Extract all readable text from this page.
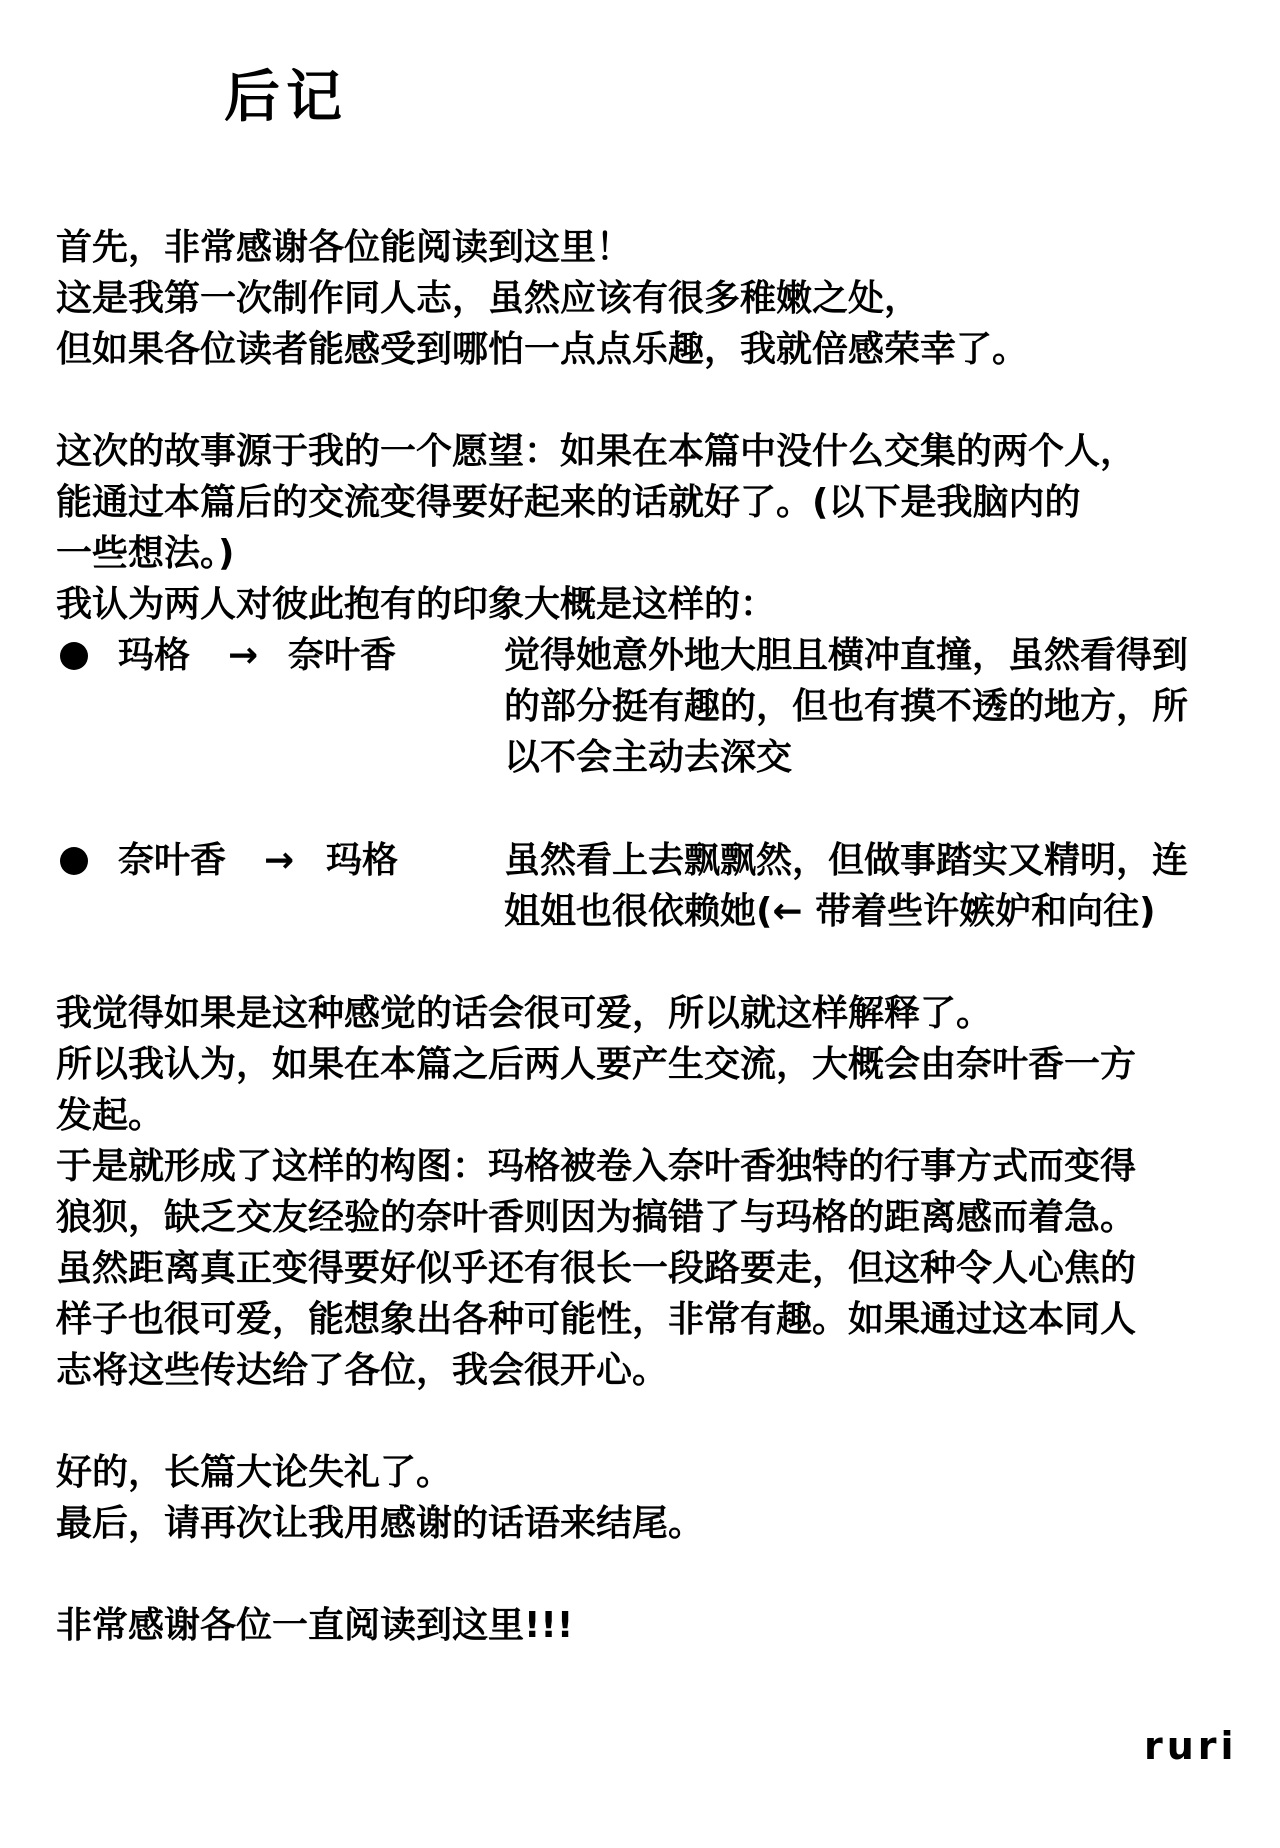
后记
首先，非常感谢各位能阅读到这里！
这是我第一次制作同人志，虽然应该有很多稚嫩之处，
但如果各位读者能感受到哪怕一点点乐趣，我就倍感荣幸了。
这次的故事源于我的一个愿望：如果在本篇中没什么交集的两个人，
能通过本篇后的交流变得要好起来的话就好了。(以下是我脑内的
一些想法。)
我认为两人对彼此抱有的印象大概是这样的：
玛格 → 奈叶香	觉得她意外地大胆且横冲直撞，虽然看得到
的部分挺有趣的，但也有摸不透的地方，所
以不会主动去深交
奈叶香 → 玛格	虽然看上去飘飘然，但做事踏实又精明，连
姐姐也很依赖她(← 带着些许嫉妒和向往)
我觉得如果是这种感觉的话会很可爱，所以就这样解释了。
所以我认为，如果在本篇之后两人要产生交流，大概会由奈叶香一方
发起。
于是就形成了这样的构图：玛格被卷入奈叶香独特的行事方式而变得
狼狈，缺乏交友经验的奈叶香则因为搞错了与玛格的距离感而着急。
虽然距离真正变得要好似乎还有很长一段路要走，但这种令人心焦的
样子也很可爱，能想象出各种可能性，非常有趣。如果通过这本同人
志将这些传达给了各位，我会很开心。
好的，长篇大论失礼了。
最后，请再次让我用感谢的话语来结尾。
非常感谢各位一直阅读到这里!!!
ruri
